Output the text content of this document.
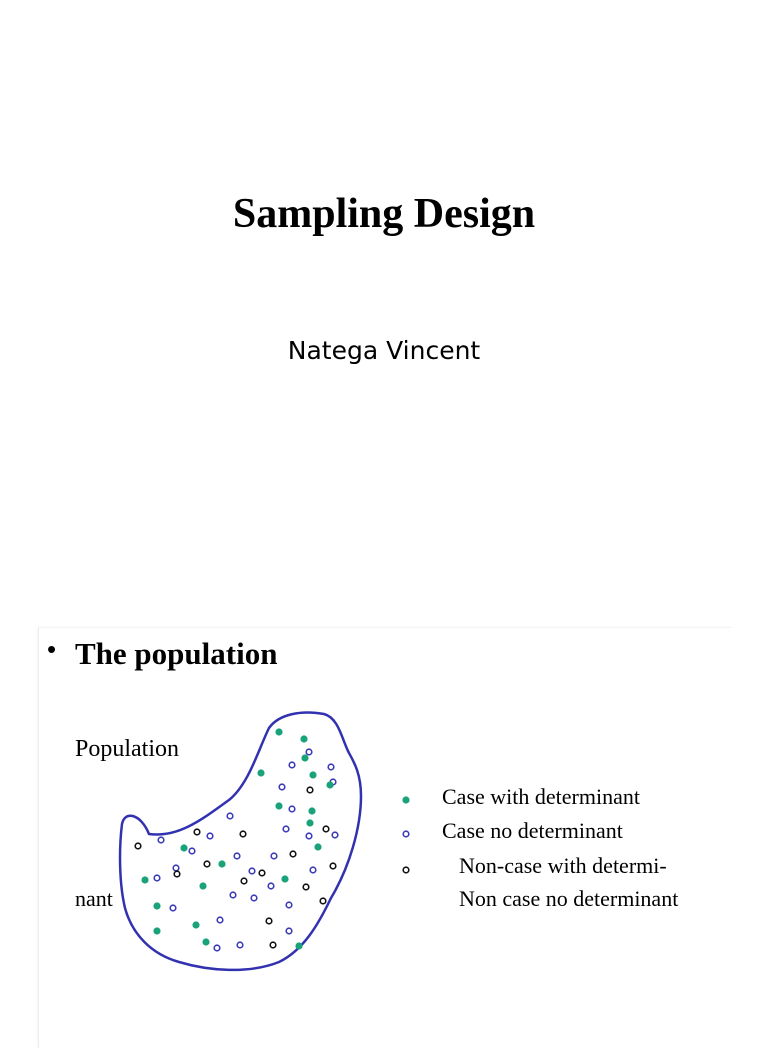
Sampling Design
Natega Vincent
• The population
Population
nant
Case with determinant
Case no determinant
Non-case with determi-
Non case no determinant
